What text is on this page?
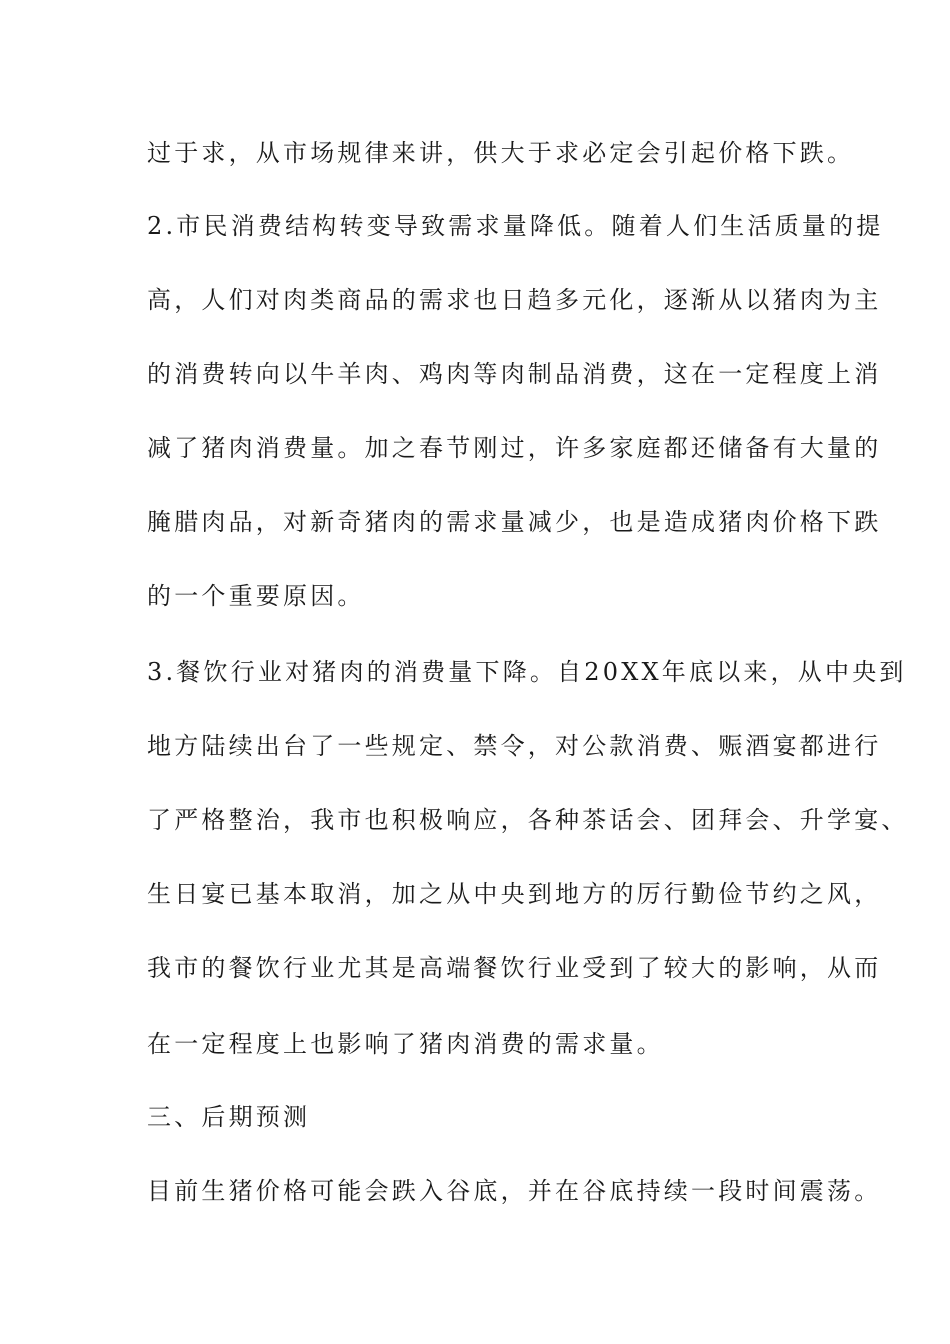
过于求，从市场规律来讲，供大于求必定会引起价格下跌。
2.市民消费结构转变导致需求量降低。随着人们生活质量的提
高，人们对肉类商品的需求也日趋多元化，逐渐从以猪肉为主
的消费转向以牛羊肉、鸡肉等肉制品消费，这在一定程度上消
减了猪肉消费量。加之春节刚过，许多家庭都还储备有大量的
腌腊肉品，对新奇猪肉的需求量减少，也是造成猪肉价格下跌
的一个重要原因。
3.餐饮行业对猪肉的消费量下降。自20XX年底以来，从中央到
地方陆续出台了一些规定、禁令，对公款消费、赈酒宴都进行
了严格整治，我市也积极响应，各种茶话会、团拜会、升学宴、
生日宴已基本取消，加之从中央到地方的厉行勤俭节约之风，
我市的餐饮行业尤其是高端餐饮行业受到了较大的影响，从而
在一定程度上也影响了猪肉消费的需求量。
三、后期预测
目前生猪价格可能会跌入谷底，并在谷底持续一段时间震荡。
